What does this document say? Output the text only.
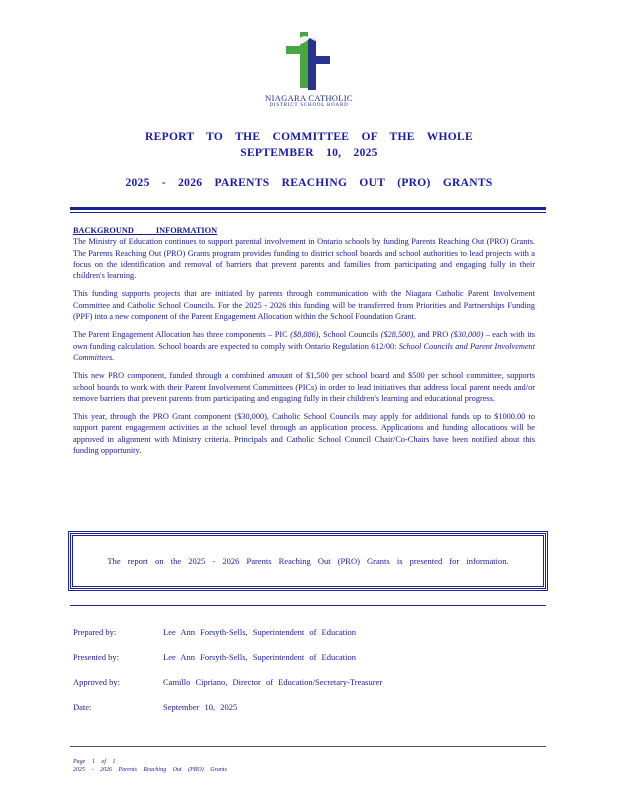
NIAGARA CATHOLIC
DISTRICT SCHOOL BOARD
REPORT TO THE COMMITTEE OF THE WHOLE
SEPTEMBER 10, 2025
2025 - 2026 PARENTS REACHING OUT (PRO) GRANTS

BACKGROUND INFORMATION

The Ministry of Education continues to support parental involvement in Ontario schools by funding Parents Reaching Out (PRO) Grants. The Parents Reaching Out (PRO) Grants program provides funding to district school boards and school authorities to lead projects with a focus on the identification and removal of barriers that prevent parents and families from participating and engaging fully in their children's learning.

This funding supports projects that are initiated by parents through communication with the Niagara Catholic Parent Involvement Committee and Catholic School Councils. For the 2025 - 2026 this funding will be transferred from Priorities and Partnerships Funding (PPF) into a new component of the Parent Engagement Allocation within the School Foundation Grant.

The Parent Engagement Allocation has three components – PIC ($8,886), School Councils ($28,500), and PRO ($30,000) – each with its own funding calculation. School boards are expected to comply with Ontario Regulation 612/00: School Councils and Parent Involvement Committees.

This new PRO component, funded through a combined amount of $1,500 per school board and $500 per school committee, supports school boards to work with their Parent Involvement Committees (PICs) in order to lead initiatives that address local parent needs and/or remove barriers that prevent parents from participating and engaging fully in their children's learning and educational progress.

This year, through the PRO Grant component ($30,000), Catholic School Councils may apply for additional funds up to $1000.00 to support parent engagement activities at the school level through an application process. Applications and funding allocations will be approved in alignment with Ministry criteria. Principals and Catholic School Council Chair/Co-Chairs have been notified about this funding opportunity.

The report on the 2025 - 2026 Parents Reaching Out (PRO) Grants is presented for information.
Prepared by:	Lee Ann Forsyth-Sells, Superintendent of Education
Presented by:	Lee Ann Forsyth-Sells, Superintendent of Education
Approved by:	Camillo Cipriano, Director of Education/Secretary-Treasurer
Date:	September 10, 2025
Page 1 of 1
2025 - 2026 Parents Reaching Out (PRO) Grants
